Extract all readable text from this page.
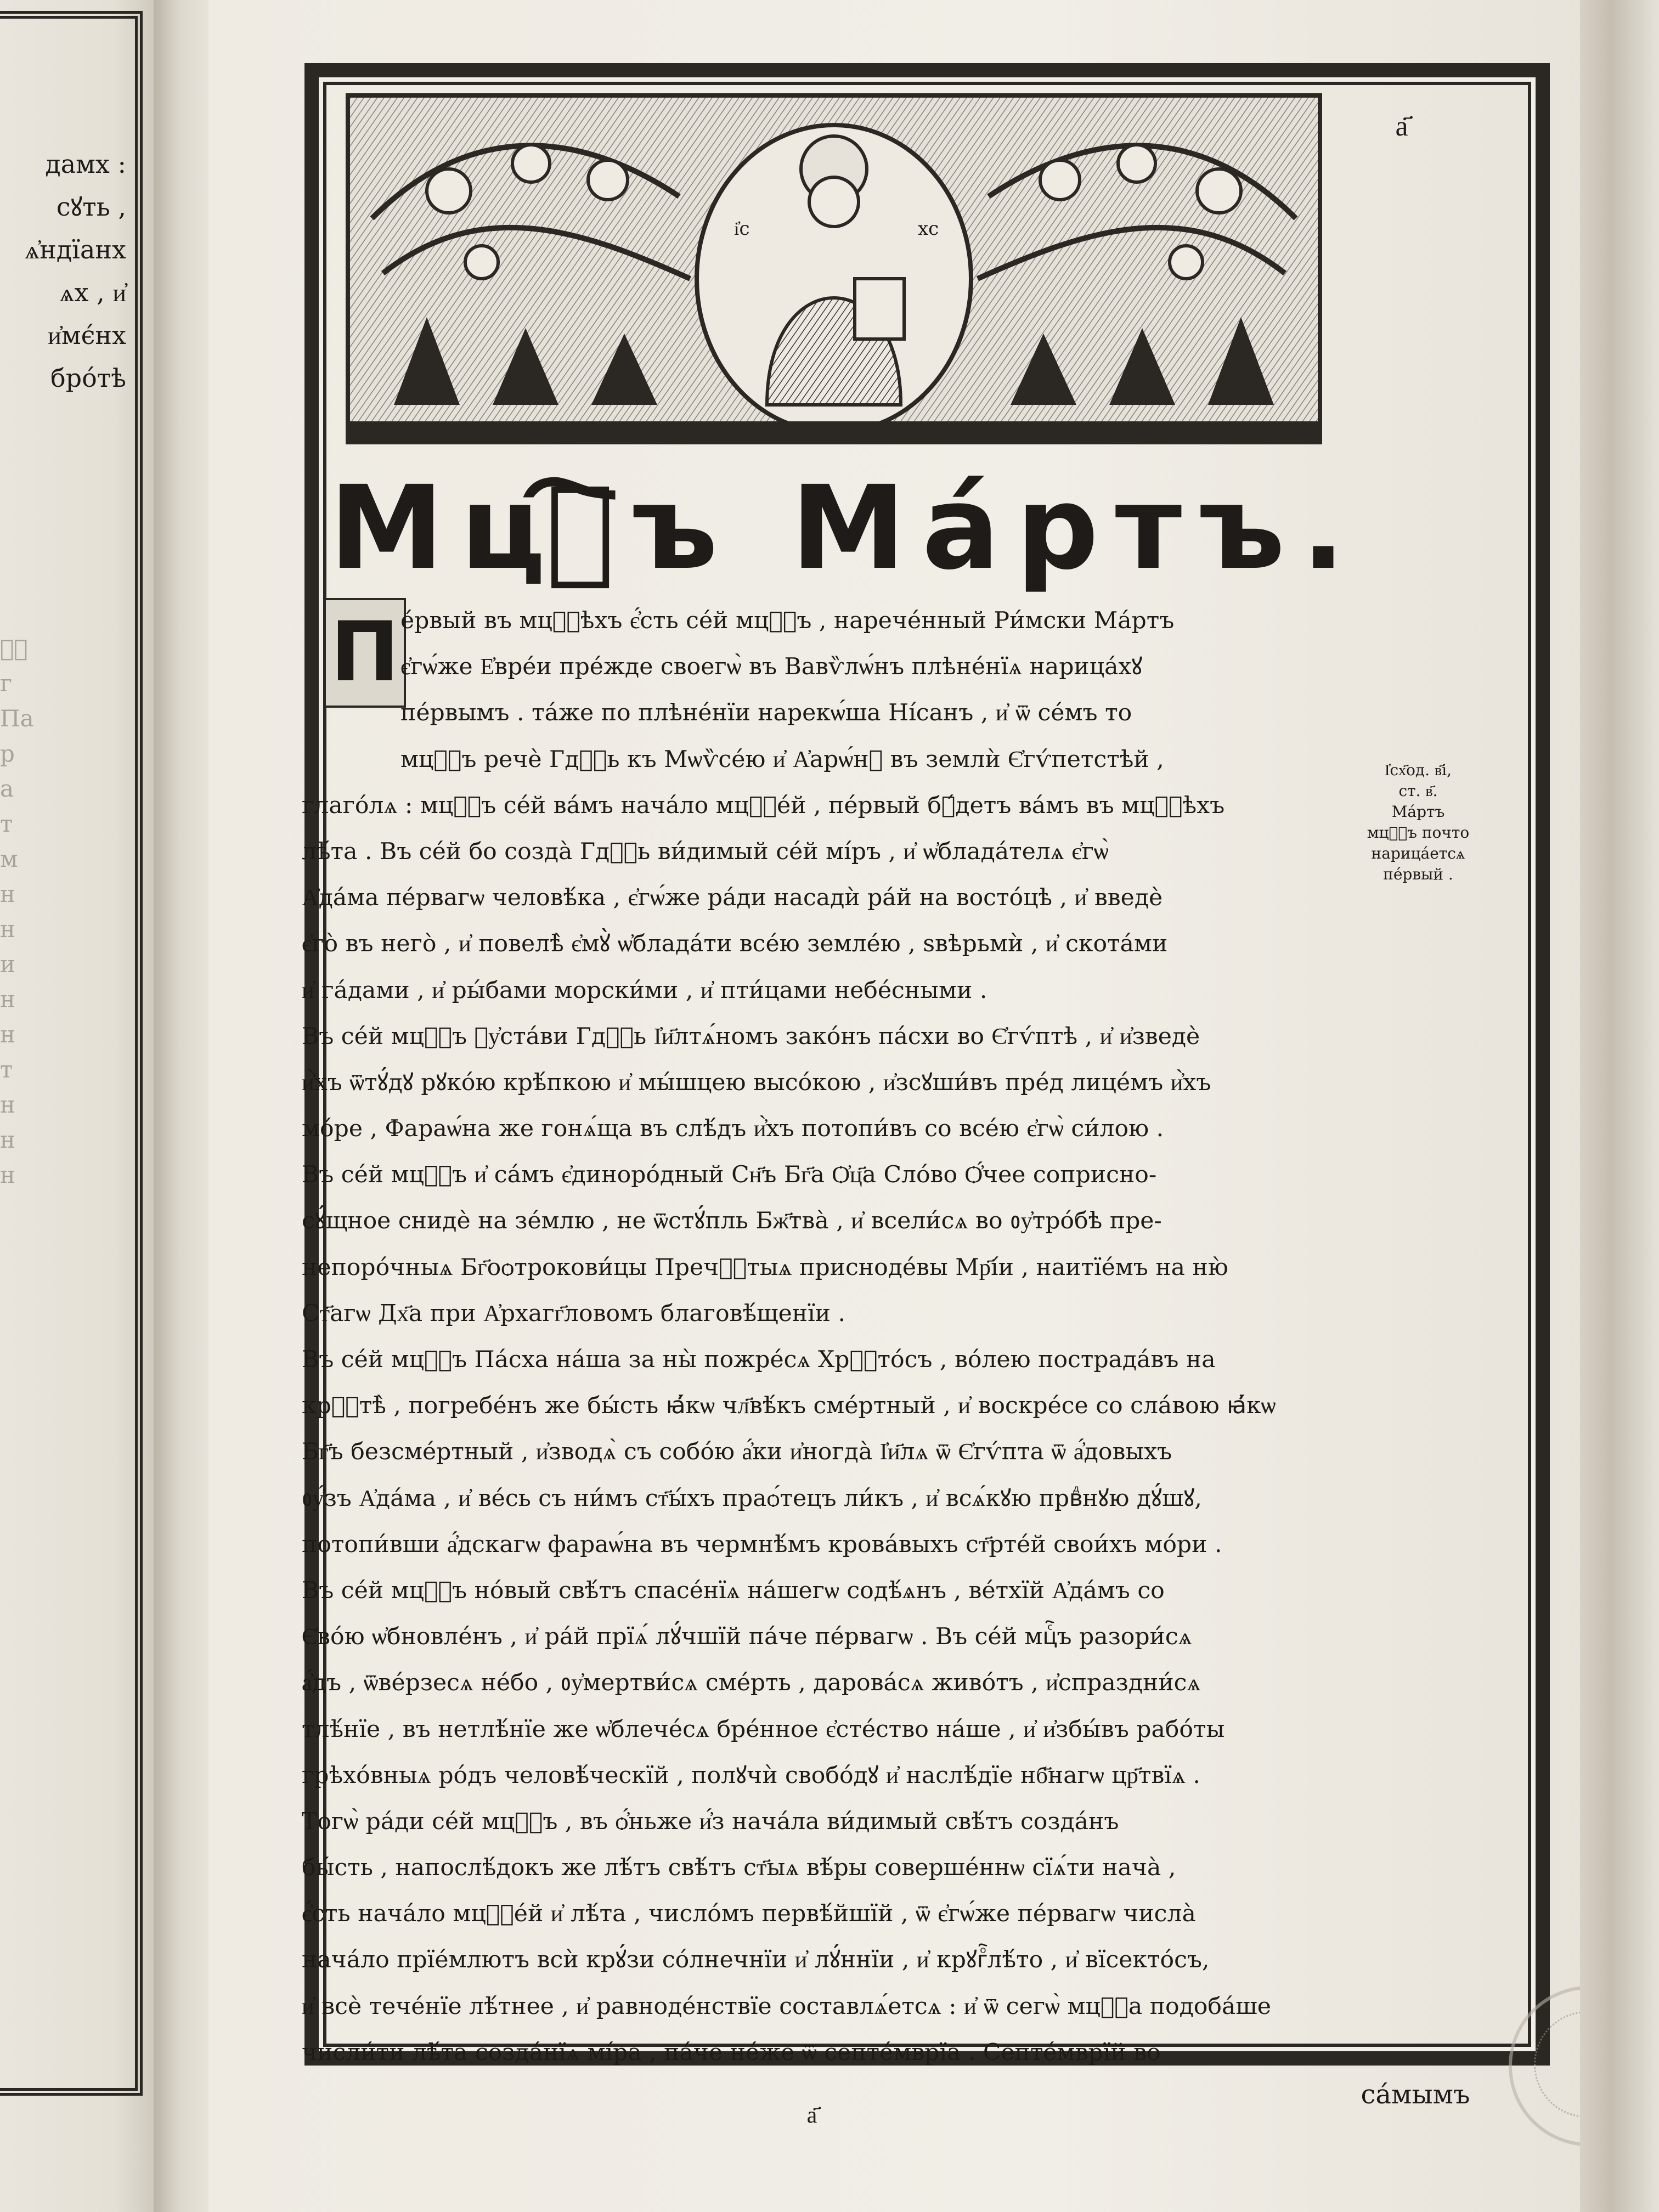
дамх :
сꙋть ,
ѧ҆ндїанх
ѧх , и҆
и҆мє́нх
бро́тѣ
ѧⷧ
г
Па
р
а
т
м
н
н
и
н
н
т
н
н
н
і҆с	хс
а҃
Мцⷭ҇ъ Ма́ртъ.
П е́рвый въ мцⷭ҇ѣхъ є҆́сть се́й мцⷭ҇ъ , нарече́нный Ри́мски Ма́ртъ
є҆гѡ́же Е҆вре́и пре́жде своегѡ̀ въ Вавѷлѡ́нъ плѣне́нїѧ нарица́хꙋ
пе́рвымъ . та́же по плѣне́нїи нарекѡ́ша Ні́санъ , и҆ ѿ се́мъ то
мцⷭ҇ъ речѐ Гдⷭ҇ь къ Мѡѷсе́ю и҆ А҆арѡ́нꙋ въ землѝ Є҆гѵ́петстѣй ,
глаго́лѧ : мцⷭ҇ъ се́й ва́мъ нача́ло мцⷭ҇е́й , пе́рвый бꙋ́детъ ва́мъ въ мцⷭ҇ѣхъ
лѣ́та . Въ се́й бо созда̀ Гдⷭ҇ь ви́димый се́й мі́ръ , и҆ ѡ҆блада́телѧ є҆гѡ̀
А҆да́ма пе́рвагѡ человѣ́ка , є҆гѡ́же ра́ди насадѝ ра́й на восто́цѣ , и҆ введѐ
є҆го̀ въ него̀ , и҆ повелѣ̀ є҆мꙋ̀ ѡ҆блада́ти все́ю земле́ю , ѕвѣрьмѝ , и҆ скота́ми
и҆ га́дами , и҆ ры́бами морски́ми , и҆ пти́цами небе́сными .
Въ се́й мцⷭ҇ъ ᲂу҆ста́ви Гдⷭ҇ь І҆и҃лтѧ́номъ зако́нъ па́схи во Є҆гѵ́птѣ , и҆ и҆зведѐ
и҆̀хъ ѿтꙋ́дꙋ рꙋко́ю крѣ́пкою и҆ мы́шцею высо́кою , и҆зсꙋши́въ пре́д лице́мъ и҆̀хъ
мо́ре , Фараѡ́на же гонѧ́ща въ слѣ́дъ и҆̀хъ потопи́въ со все́ю є҆гѡ̀ си́лою .
Въ се́й мцⷭ҇ъ и҆ са́мъ є҆диноро́дный Сн҃ъ Бг҃а Ѻ҆ц҃а Сло́во Ѻ҆́чее соприсно-
сꙋ́щное снидѐ на зе́млю , не ѿстꙋ́пль Бж҃тва̀ , и҆ всели́сѧ во ᲂу҆тро́бѣ пре-
непоро́чныѧ Бг҃оѻтрокови́цы Пречⷭ҇тыѧ присноде́вы Мр҃і́и , наитїе́мъ на ню̀
Ст҃агѡ Дх҃а при А҆рхагг҃ловомъ благовѣ́щенїи .
Въ се́й мцⷭ҇ъ Па́сха на́ша за ны̀ пожре́сѧ Хрⷭ҇то́съ , во́лею пострада́въ на
крⷭ҇тѣ̀ , погребе́нъ же бы́сть ꙗ҆́кѡ чл҃вѣ́къ сме́ртный , и҆ воскре́се со сла́вою ꙗ҆́кѡ
Бг҃ъ безсме́ртный , и҆зводѧ̀ съ собо́ю а҆́ки и҆ногда̀ І҆и҃лѧ ѿ Є҆гѵ́пта ѿ а҆́довыхъ
ᲂу҆́зъ А҆да́ма , и҆ ве́сь съ ни́мъ ст҃ы́хъ праѻ́тецъ ли́къ , и҆ всѧ́кꙋю првⷣнꙋю дꙋ́шꙋ,
потопи́вши а҆́дскагѡ фараѡ́на въ чермнѣ́мъ крова́выхъ ст҃рте́й свои́хъ мо́ри .
Въ се́й мцⷭ҇ъ но́вый свѣ́тъ спасе́нїѧ на́шегѡ содѣ́ѧнъ , ве́тхїй А҆да́мъ со
Є҆во́ю ѡ҆бновле́нъ , и҆ ра́й прїѧ́ лꙋ́чшїй па́че пе́рвагѡ . Въ се́й мцⷭ҇ъ разори́сѧ
а҆́дъ , ѿве́рзесѧ не́бо , ᲂу҆мертви́сѧ сме́рть , дарова́сѧ живо́тъ , и҆спраздни́сѧ
тлѣ́нїе , въ нетлѣ́нїе же ѡ҆блече́сѧ бре́нное є҆сте́ство на́ше , и҆ и҆збы́въ рабо́ты
грѣхо́вныѧ ро́дъ человѣ́ческїй , полꙋчѝ свобо́дꙋ и҆ наслѣ́дїе нб҃нагѡ цр҃твїѧ .
Тогѡ̀ ра́ди се́й мцⷭ҇ъ , въ ѻ҆́ньже и҆́з нача́ла ви́димый свѣ́тъ созда́нъ
бы́сть , напослѣ́докъ же лѣ́тъ свѣ́тъ ст҃ыѧ вѣ́ры соверше́ннѡ сїѧ́ти нача̀ ,
є҆́сть нача́ло мцⷭ҇е́й и҆ лѣ́та , число́мъ первѣ́йшїй , ѿ є҆гѡ́же пе́рвагѡ числа̀
нача́ло прїе́млютъ всѝ крꙋ́зи со́лнечнїи и҆ лꙋ́ннїи , и҆ крꙋгⷪ҇лѣ́то , и҆ вїсекто́съ,
и҆ всѐ тече́нїе лѣ́тнее , и҆ равноде́нствїе составлѧ́етсѧ : и҆ ѿ сегѡ̀ мцⷭ҇а подоба́ше
числи́ти лѣ́та созда́нїѧ мі́ра , па́че не́же ѿ септе́мврїа . Септе́мврїй во
І҆сх҃од. в҃і,
ст. в҃.
Ма́ртъ
мцⷭ҇ъ почто
нарица́етсѧ
пе́рвый .
а҃
са́мымъ
